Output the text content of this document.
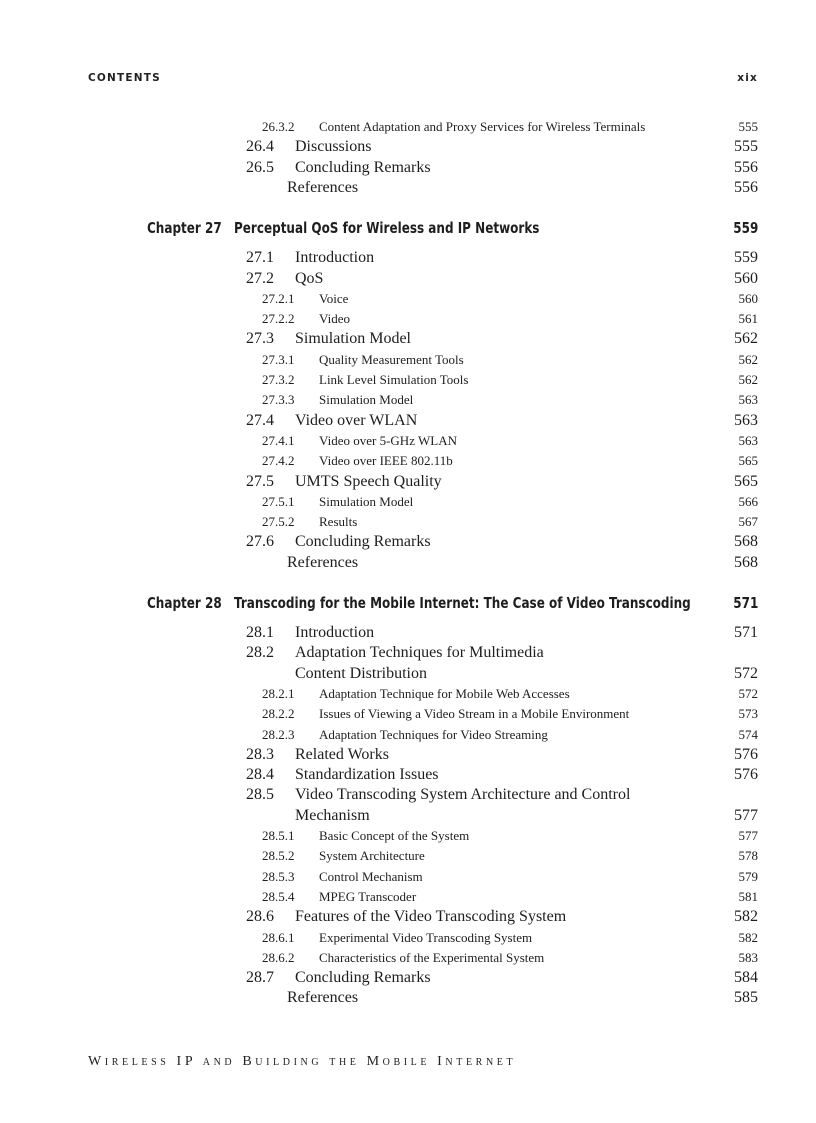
CONTENTS	xix
26.3.2 Content Adaptation and Proxy Services for Wireless Terminals	555
26.4 Discussions	555
26.5 Concluding Remarks	556
References	556
Chapter 27 Perceptual QoS for Wireless and IP Networks	559
27.1 Introduction	559
27.2 QoS	560
27.2.1 Voice	560
27.2.2 Video	561
27.3 Simulation Model	562
27.3.1 Quality Measurement Tools	562
27.3.2 Link Level Simulation Tools	562
27.3.3 Simulation Model	563
27.4 Video over WLAN	563
27.4.1 Video over 5-GHz WLAN	563
27.4.2 Video over IEEE 802.11b	565
27.5 UMTS Speech Quality	565
27.5.1 Simulation Model	566
27.5.2 Results	567
27.6 Concluding Remarks	568
References	568
Chapter 28 Transcoding for the Mobile Internet: The Case of Video Transcoding	571
28.1 Introduction	571
28.2 Adaptation Techniques for Multimedia
Content Distribution	572
28.2.1 Adaptation Technique for Mobile Web Accesses	572
28.2.2 Issues of Viewing a Video Stream in a Mobile Environment	573
28.2.3 Adaptation Techniques for Video Streaming	574
28.3 Related Works	576
28.4 Standardization Issues	576
28.5 Video Transcoding System Architecture and Control
Mechanism	577
28.5.1 Basic Concept of the System	577
28.5.2 System Architecture	578
28.5.3 Control Mechanism	579
28.5.4 MPEG Transcoder	581
28.6 Features of the Video Transcoding System	582
28.6.1 Experimental Video Transcoding System	582
28.6.2 Characteristics of the Experimental System	583
28.7 Concluding Remarks	584
References	585
Wireless IP and Building the Mobile Internet
